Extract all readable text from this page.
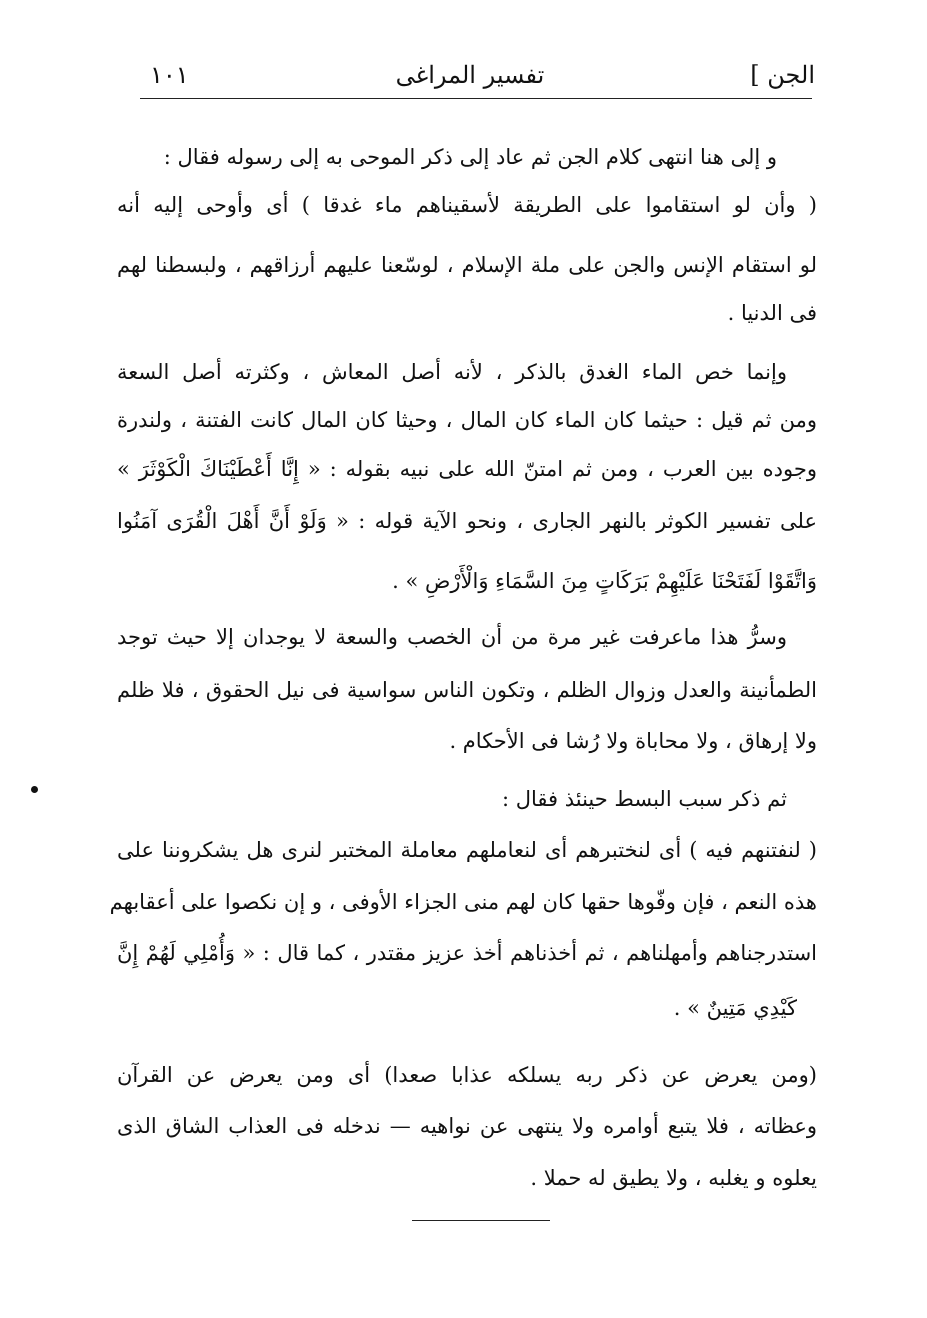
الجن ]
تفسير المراغى
١٠١
و إلى هنا انتهى كلام الجن ثم عاد إلى ذكر الموحى به إلى رسوله فقال :
( وأن لو استقاموا على الطريقة لأسقيناهم ماء غدقا ) أى وأوحى إليه أنه
لو استقام الإنس والجن على ملة الإسلام ، لوسّعنا عليهم أرزاقهم ، ولبسطنا لهم
فى الدنيا .
وإنما خص الماء الغدق بالذكر ، لأنه أصل المعاش ، وكثرته أصل السعة
ومن ثم قيل : حيثما كان الماء كان المال ، وحيثا كان المال كانت الفتنة ، ولندرة
وجوده بين العرب ، ومن ثم امتنّ الله على نبيه بقوله : « إِنَّا أَعْطَيْنَاكَ الْكَوْثَرَ »
على تفسير الكوثر بالنهر الجارى ، ونحو الآية قوله : « وَلَوْ أَنَّ أَهْلَ الْقُرَى آمَنُوا
وَاتَّقَوْا لَفَتَحْنَا عَلَيْهِمْ بَرَكَاتٍ مِنَ السَّمَاءِ وَالْأَرْضِ » .
وسرُّ هذا ماعرفت غير مرة من أن الخصب والسعة لا يوجدان إلا حيث توجد
الطمأنينة والعدل وزوال الظلم ، وتكون الناس سواسية فى نيل الحقوق ، فلا ظلم
ولا إرهاق ، ولا محاباة ولا رُشا فى الأحكام .
ثم ذكر سبب البسط حينئذ فقال :
( لنفتنهم فيه ) أى لنختبرهم أى لنعاملهم معاملة المختبر لنرى هل يشكروننا على
هذه النعم ، فإن وفّوها حقها كان لهم منى الجزاء الأوفى ، و إن نكصوا على أعقابهم
استدرجناهم وأمهلناهم ، ثم أخذناهم أخذ عزيز مقتدر ، كما قال : « وَأُمْلِي لَهُمْ إِنَّ
كَيْدِي مَتِينٌ » .
(ومن يعرض عن ذكر ربه يسلكه عذابا صعدا) أى ومن يعرض عن القرآن
وعظاته ، فلا يتبع أوامره ولا ينتهى عن نواهيه — ندخله فى العذاب الشاق الذى
يعلوه و يغلبه ، ولا يطيق له حملا .
